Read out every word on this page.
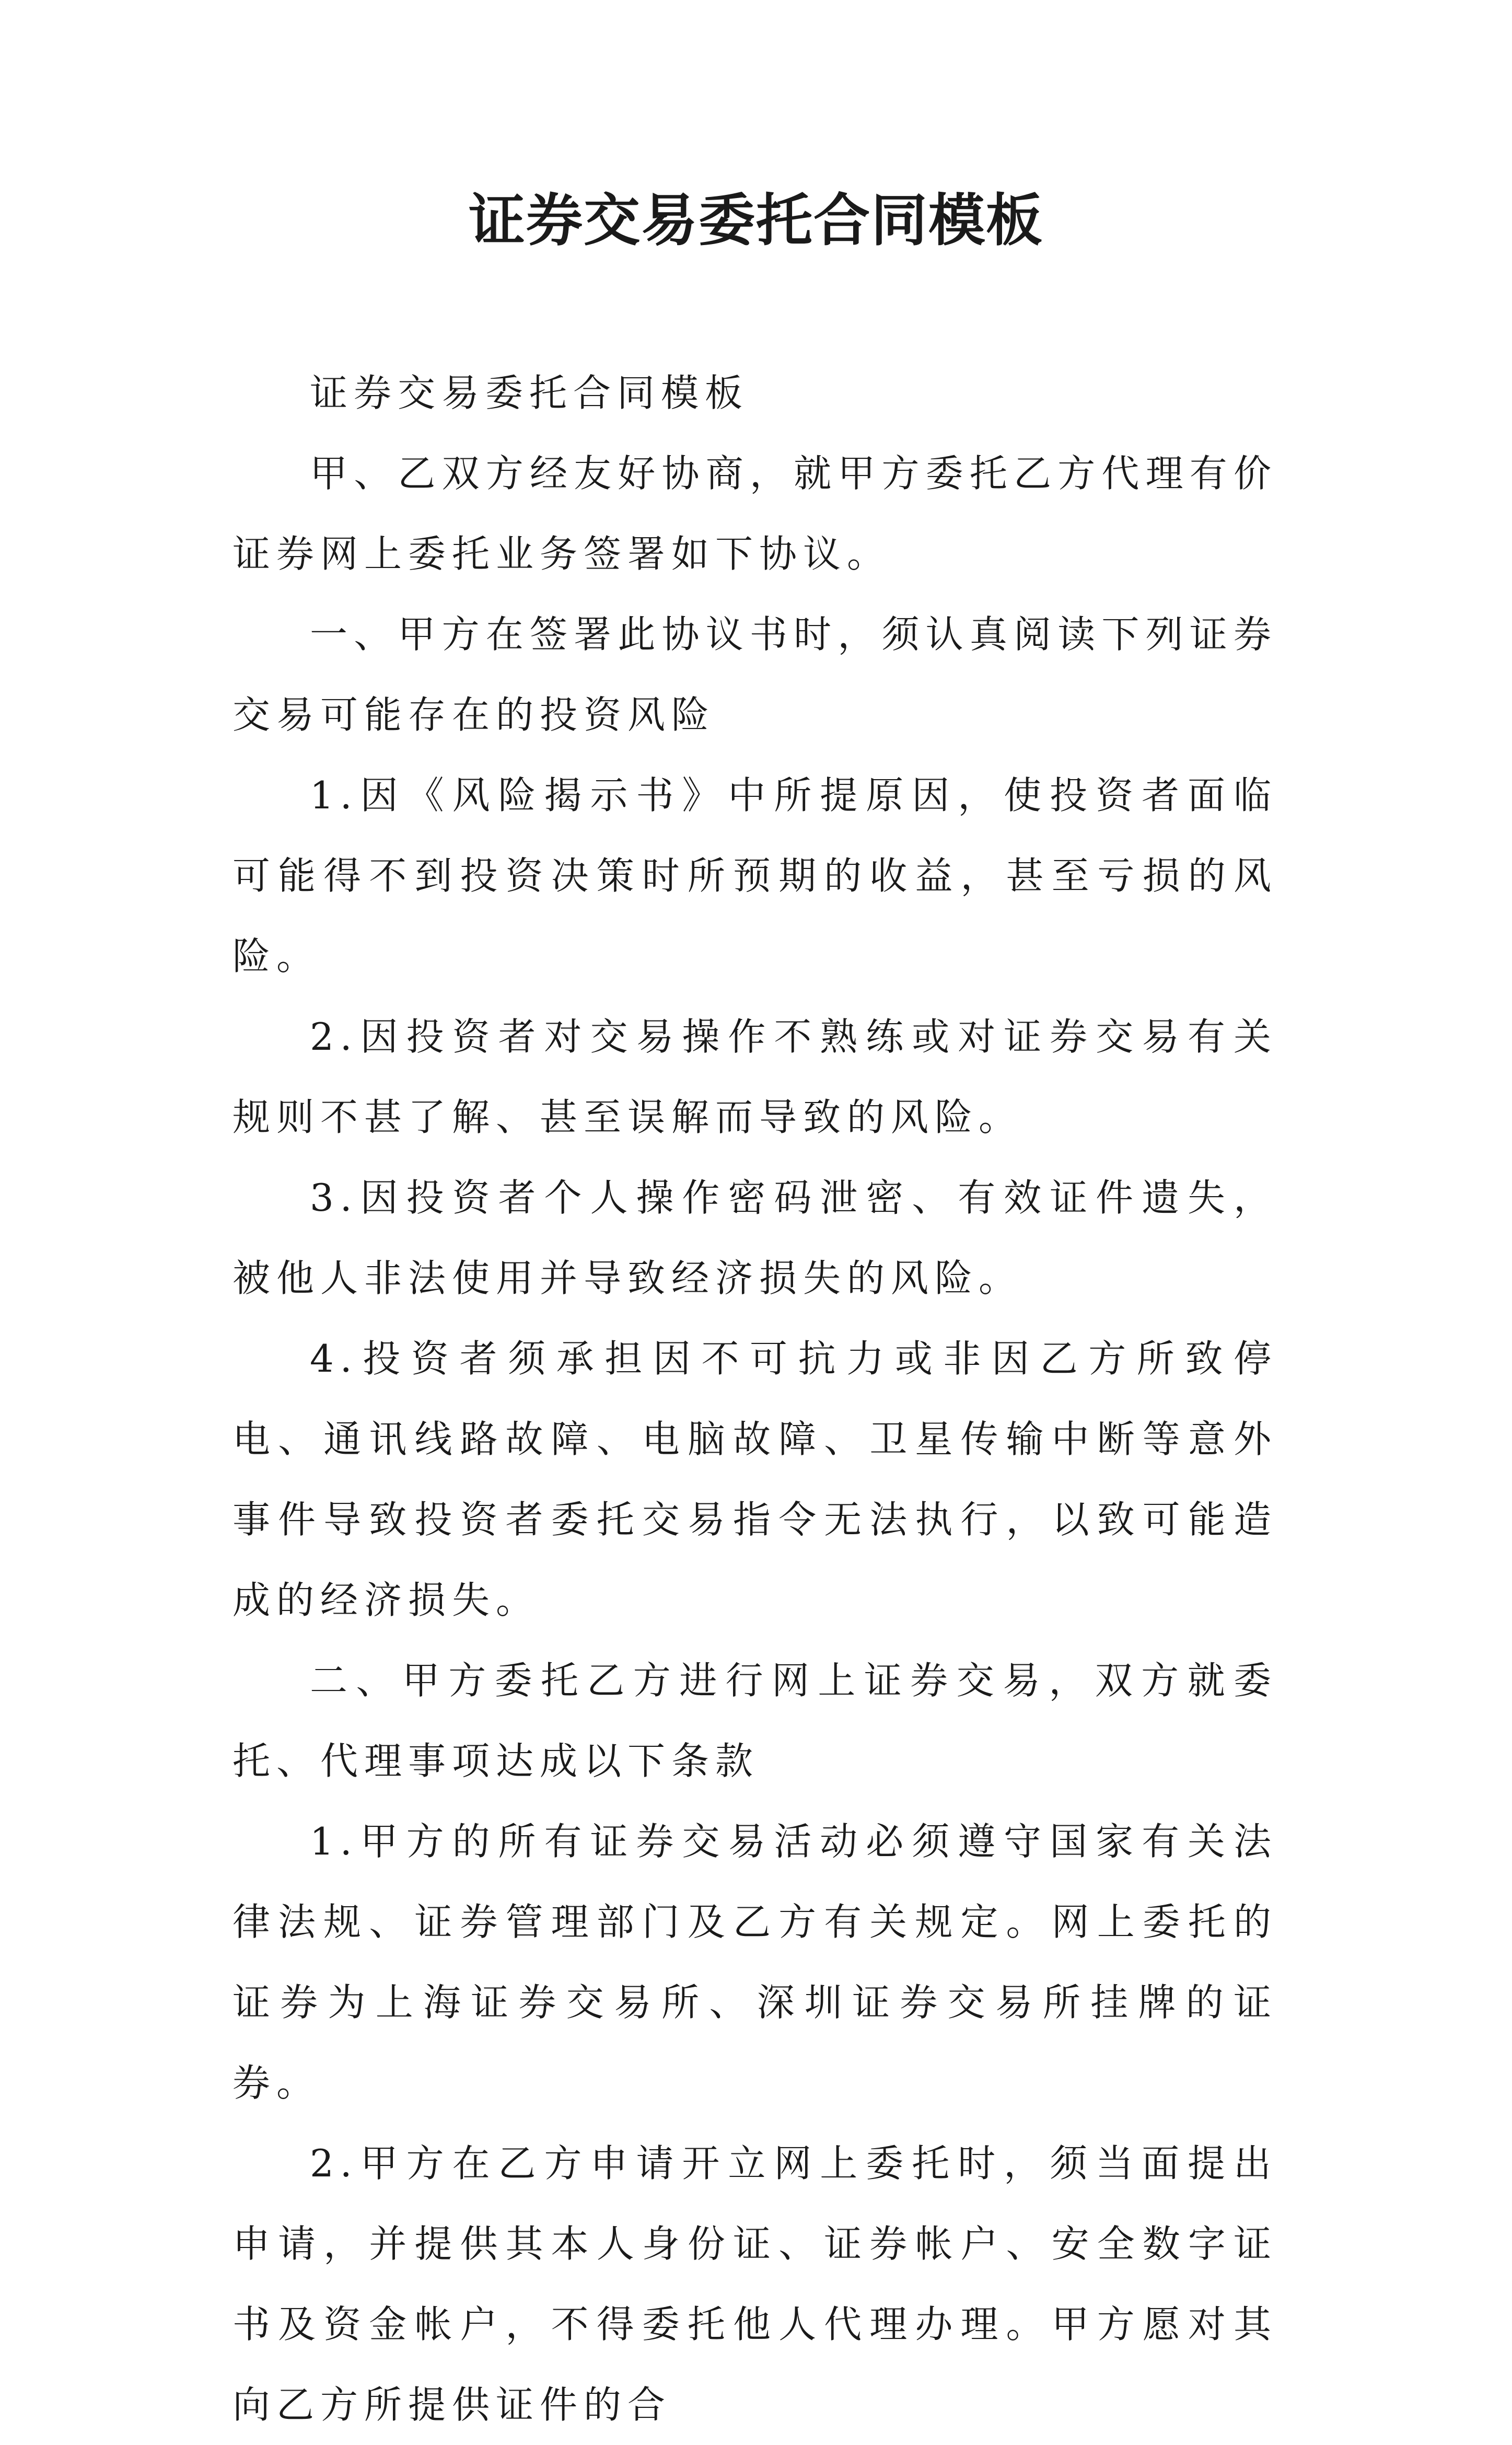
证券交易委托合同模板

证券交易委托合同模板

甲、乙双方经友好协商，就甲方委托乙方代理有价证券网上委托业务签署如下协议。

一、甲方在签署此协议书时，须认真阅读下列证券交易可能存在的投资风险

1.因《风险揭示书》中所提原因，使投资者面临可能得不到投资决策时所预期的收益，甚至亏损的风险。

2.因投资者对交易操作不熟练或对证券交易有关规则不甚了解、甚至误解而导致的风险。

3.因投资者个人操作密码泄密、有效证件遗失，被他人非法使用并导致经济损失的风险。

4.投资者须承担因不可抗力或非因乙方所致停电、通讯线路故障、电脑故障、卫星传输中断等意外事件导致投资者委托交易指令无法执行，以致可能造成的经济损失。

二、甲方委托乙方进行网上证券交易，双方就委托、代理事项达成以下条款

1.甲方的所有证券交易活动必须遵守国家有关法律法规、证券管理部门及乙方有关规定。网上委托的证券为上海证券交易所、深圳证券交易所挂牌的证券。

2.甲方在乙方申请开立网上委托时，须当面提出申请，并提供其本人身份证、证券帐户、安全数字证书及资金帐户，不得委托他人代理办理。甲方愿对其向乙方所提供证件的合
